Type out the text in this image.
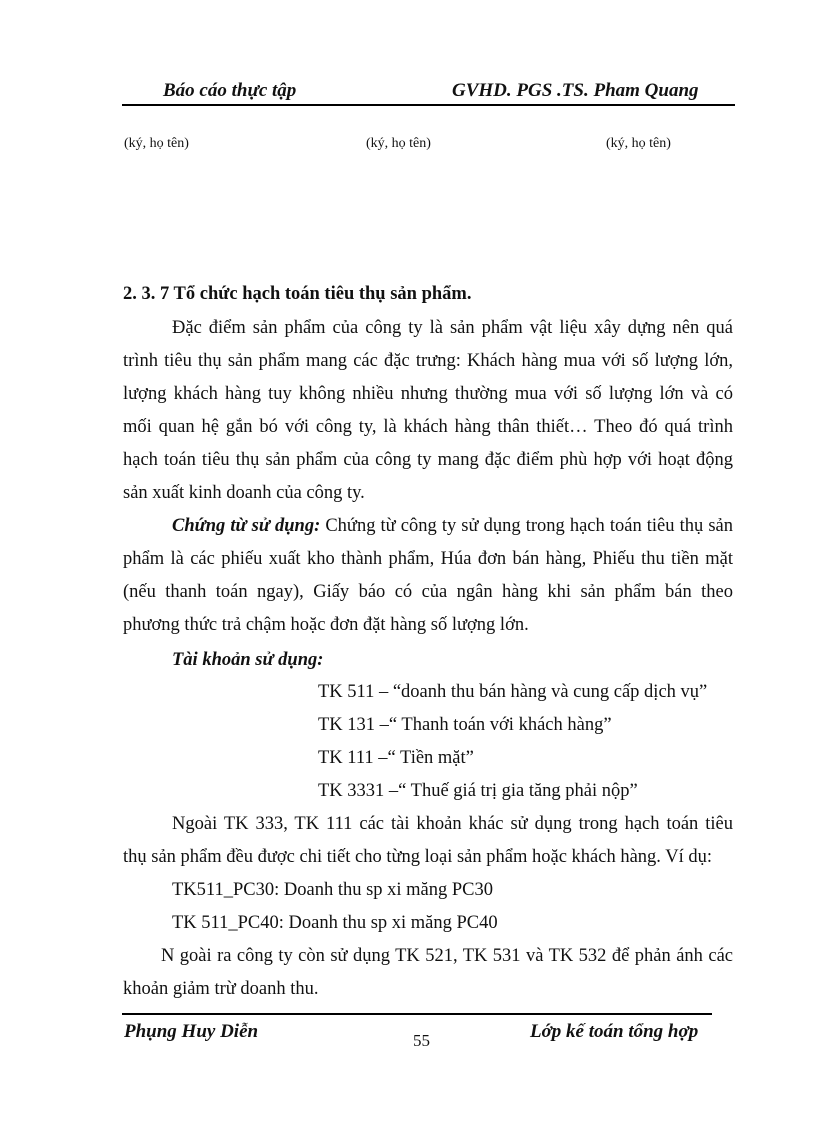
Báo cáo thực tập	GVHD. PGS .TS. Pham Quang
(ký, họ tên)	(ký, họ tên)	(ký, họ tên)
2. 3. 7 Tổ chức hạch toán tiêu thụ sản phẩm.
Đặc điểm sản phẩm của công ty là sản phẩm vật liệu xây dựng nên quá
trình tiêu thụ sản phẩm mang các đặc trưng: Khách hàng mua với số lượng lớn,
lượng khách hàng tuy không nhiều nhưng thường mua với số lượng lớn và có
mối quan hệ gắn bó với công ty, là khách hàng thân thiết… Theo đó quá trình
hạch toán tiêu thụ sản phẩm của công ty mang đặc điểm phù hợp với hoạt động
sản xuất kinh doanh của công ty.
Chứng từ sử dụng: Chứng từ công ty sử dụng trong hạch toán tiêu thụ sản
phẩm là các phiếu xuất kho thành phẩm, Húa đơn bán hàng, Phiếu thu tiền mặt
(nếu thanh toán ngay), Giấy báo có của ngân hàng khi sản phẩm bán theo
phương thức trả chậm hoặc đơn đặt hàng số lượng lớn.
Tài khoản sử dụng:
TK 511 – “doanh thu bán hàng và cung cấp dịch vụ”
TK 131 –“ Thanh toán với khách hàng”
TK 111 –“ Tiền mặt”
TK 3331 –“ Thuế giá trị gia tăng phải nộp”
Ngoài TK 333, TK 111 các tài khoản khác sử dụng trong hạch toán tiêu
thụ sản phẩm đều được chi tiết cho từng loại sản phẩm hoặc khách hàng. Ví dụ:
TK511_PC30: Doanh thu sp xi măng PC30
TK 511_PC40: Doanh thu sp xi măng PC40
N goài ra công ty còn sử dụng TK 521, TK 531 và TK 532 để phản ánh các
khoản giảm trừ doanh thu.
Phụng Huy Diễn	55	Lớp kế toán tổng hợp
